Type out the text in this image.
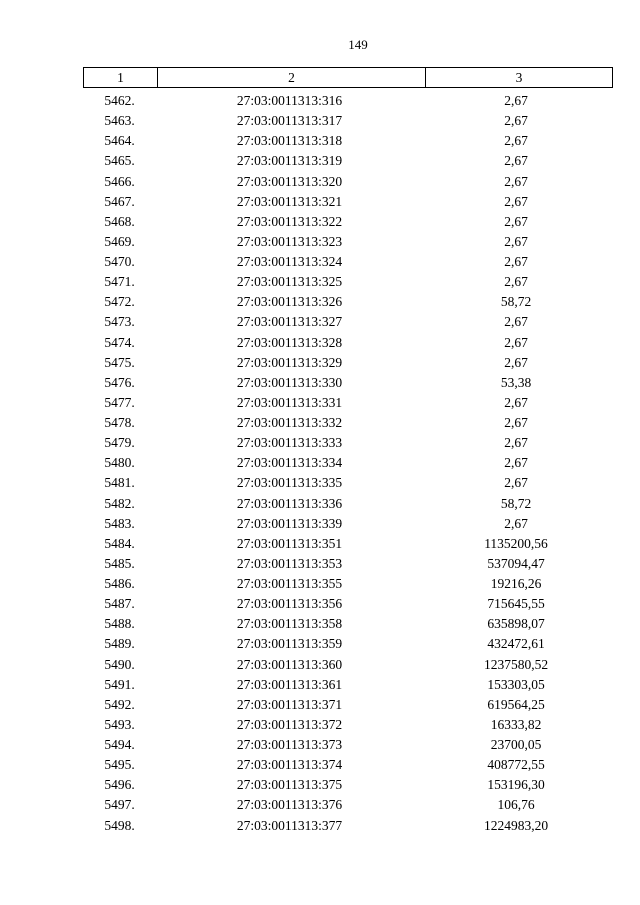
149
1	2	3
5462.	27:03:0011313:316	2,67
5463.	27:03:0011313:317	2,67
5464.	27:03:0011313:318	2,67
5465.	27:03:0011313:319	2,67
5466.	27:03:0011313:320	2,67
5467.	27:03:0011313:321	2,67
5468.	27:03:0011313:322	2,67
5469.	27:03:0011313:323	2,67
5470.	27:03:0011313:324	2,67
5471.	27:03:0011313:325	2,67
5472.	27:03:0011313:326	58,72
5473.	27:03:0011313:327	2,67
5474.	27:03:0011313:328	2,67
5475.	27:03:0011313:329	2,67
5476.	27:03:0011313:330	53,38
5477.	27:03:0011313:331	2,67
5478.	27:03:0011313:332	2,67
5479.	27:03:0011313:333	2,67
5480.	27:03:0011313:334	2,67
5481.	27:03:0011313:335	2,67
5482.	27:03:0011313:336	58,72
5483.	27:03:0011313:339	2,67
5484.	27:03:0011313:351	1135200,56
5485.	27:03:0011313:353	537094,47
5486.	27:03:0011313:355	19216,26
5487.	27:03:0011313:356	715645,55
5488.	27:03:0011313:358	635898,07
5489.	27:03:0011313:359	432472,61
5490.	27:03:0011313:360	1237580,52
5491.	27:03:0011313:361	153303,05
5492.	27:03:0011313:371	619564,25
5493.	27:03:0011313:372	16333,82
5494.	27:03:0011313:373	23700,05
5495.	27:03:0011313:374	408772,55
5496.	27:03:0011313:375	153196,30
5497.	27:03:0011313:376	106,76
5498.	27:03:0011313:377	1224983,20
